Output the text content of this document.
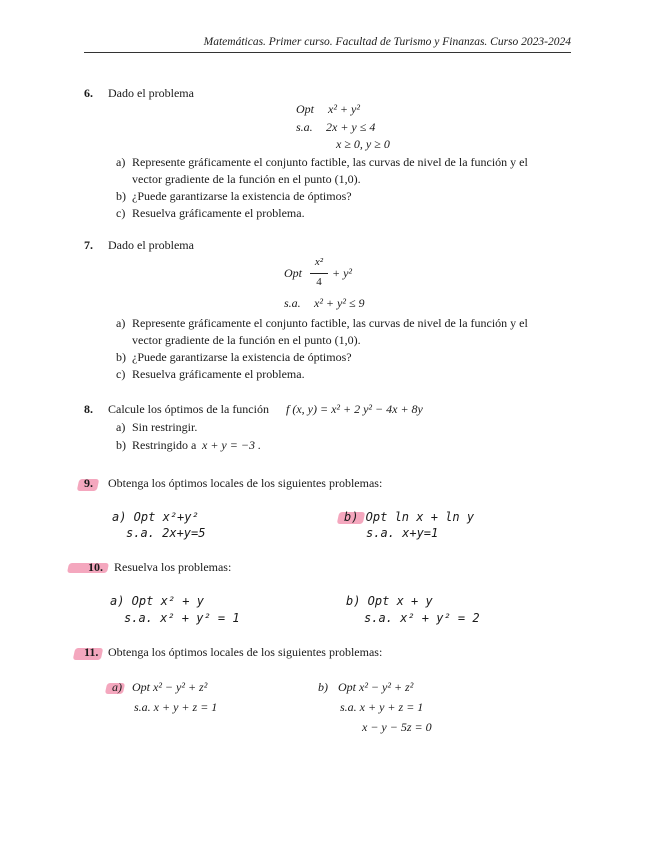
Matemáticas. Primer curso. Facultad de Turismo y Finanzas. Curso 2023-2024
6. Dado el problema
Opt x² + y²
s.a. 2x + y ≤ 4
x ≥ 0, y ≥ 0
a) Represente gráficamente el conjunto factible, las curvas de nivel de la función y el
vector gradiente de la función en el punto (1,0).
b) ¿Puede garantizarse la existencia de óptimos?
c) Resuelva gráficamente el problema.
7. Dado el problema
Opt
x²
4
+ y²
s.a. x² + y² ≤ 9
a) Represente gráficamente el conjunto factible, las curvas de nivel de la función y el
vector gradiente de la función en el punto (1,0).
b) ¿Puede garantizarse la existencia de óptimos?
c) Resuelva gráficamente el problema.
8. Calcule los óptimos de la función f (x, y) = x² + 2 y² − 4x + 8y
a) Sin restringir.
b) Restringido a x + y = −3 .
9. Obtenga los óptimos locales de los siguientes problemas:
a) Opt x²+y²
s.a. 2x+y=5
b) Opt ln x + ln y
s.a. x+y=1
10. Resuelva los problemas:
a) Opt x² + y
s.a. x² + y² = 1
b) Opt x + y
s.a. x² + y² = 2
11. Obtenga los óptimos locales de los siguientes problemas:
a) Opt x² − y² + z²
s.a. x + y + z = 1
b) Opt x² − y² + z²
s.a. x + y + z = 1
x − y − 5z = 0
